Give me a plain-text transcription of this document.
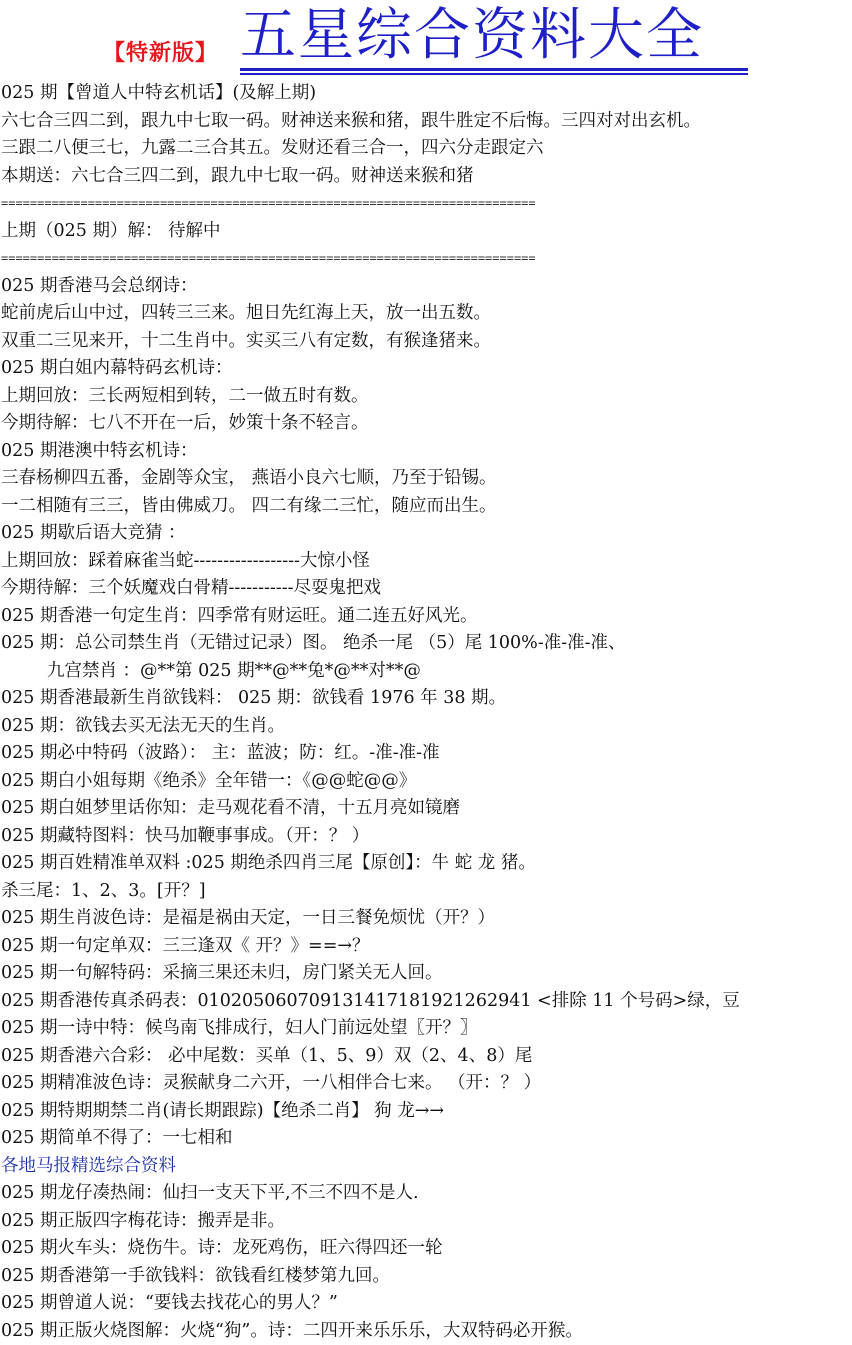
【特新版】 五星综合资料大全
025 期【曾道人中特玄机话】(及解上期)
六七合三四二到，跟九中七取一码。财神送来猴和猪，跟牛胜定不后悔。三四对对出玄机。
三跟二八便三七，九露二三合其五。发财还看三合一，四六分走跟定六
本期送：六七合三四二到，跟九中七取一码。财神送来猴和猪
==========================================================================
上期（025 期）解： 待解中
==========================================================================
025 期香港马会总纲诗：
蛇前虎后山中过，四转三三来。旭日先红海上天，放一出五数。
双重二三见来开，十二生肖中。实买三八有定数，有猴逢猪来。
025 期白姐内幕特码玄机诗：
上期回放：三长两短相到转，二一做五时有数。
今期待解：七八不开在一后，妙策十条不轻言。
025 期港澳中特玄机诗：
三春杨柳四五番，金剧等众宝， 燕语小良六七顺，乃至于铅锡。
一二相随有三三，皆由佛威刀。 四二有缘二三忙，随应而出生。
025 期歇后语大竞猜 ：
上期回放：踩着麻雀当蛇------------------大惊小怪
今期待解：三个妖魔戏白骨精-----------尽耍鬼把戏
025 期香港一句定生肖：四季常有财运旺。通二连五好风光。
025 期：总公司禁生肖（无错过记录）图。 绝杀一尾 （5）尾 100%-准-准-准、
九宫禁肖 ：@**第 025 期**@**兔*@**对**@
025 期香港最新生肖欲钱料： 025 期：欲钱看 1976 年 38 期。
025 期：欲钱去买无法无天的生肖。
025 期必中特码（波路）： 主：蓝波；防：红。-准-准-准
025 期白小姐每期《绝杀》全年错一：《@@蛇@@》
025 期白姐梦里话你知：走马观花看不清，十五月亮如镜磨
025 期藏特图料：快马加鞭事事成。（开：？ ）
025 期百姓精准单双料 :025 期绝杀四肖三尾【原创】：牛 蛇 龙 猪。
杀三尾：1、2、3。[开？]
025 期生肖波色诗：是福是祸由天定，一日三餐免烦忧（开？）
025 期一句定单双：三三逢双《 开？》==→？
025 期一句解特码：采摘三果还未归，房门紧关无人回。
025 期香港传真杀码表：010205060709131417181921262941 <排除 11 个号码>绿，豆
025 期一诗中特：候鸟南飞排成行，妇人门前远处望〖开？〗
025 期香港六合彩： 必中尾数：买单（1、5、9）双（2、4、8）尾
025 期精准波色诗：灵猴献身二六开，一八相伴合七来。 （开：？ ）
025 期特期期禁二肖(请长期跟踪)【绝杀二肖】 狗 龙→→
025 期简单不得了：一七相和
各地马报精选综合资料
025 期龙仔凑热闹：仙扫一支天下平,不三不四不是人.
025 期正版四字梅花诗：搬弄是非。
025 期火车头：烧伤牛。诗：龙死鸡伤，旺六得四还一轮
025 期香港第一手欲钱料：欲钱看红楼梦第九回。
025 期曾道人说：“要钱去找花心的男人？”
025 期正版火烧图解：火烧“狗”。诗：二四开来乐乐乐，大双特码必开猴。
